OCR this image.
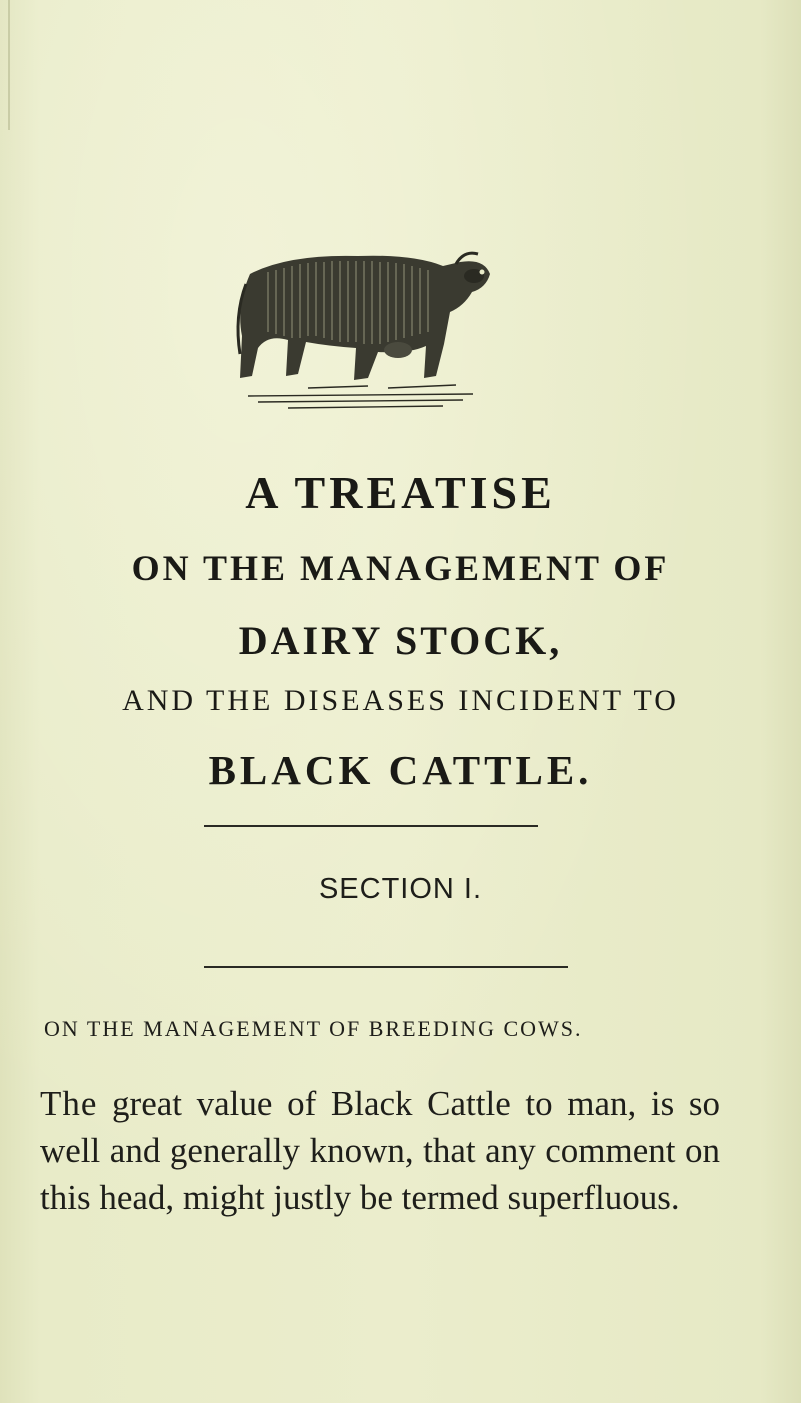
A TREATISE
ON THE MANAGEMENT OF
DAIRY STOCK,
AND THE DISEASES INCIDENT TO
BLACK CATTLE.
SECTION I.
ON THE MANAGEMENT OF BREEDING COWS.

The great value of Black Cattle to man, is so well and generally known, that any comment on this head, might justly be termed superfluous.
